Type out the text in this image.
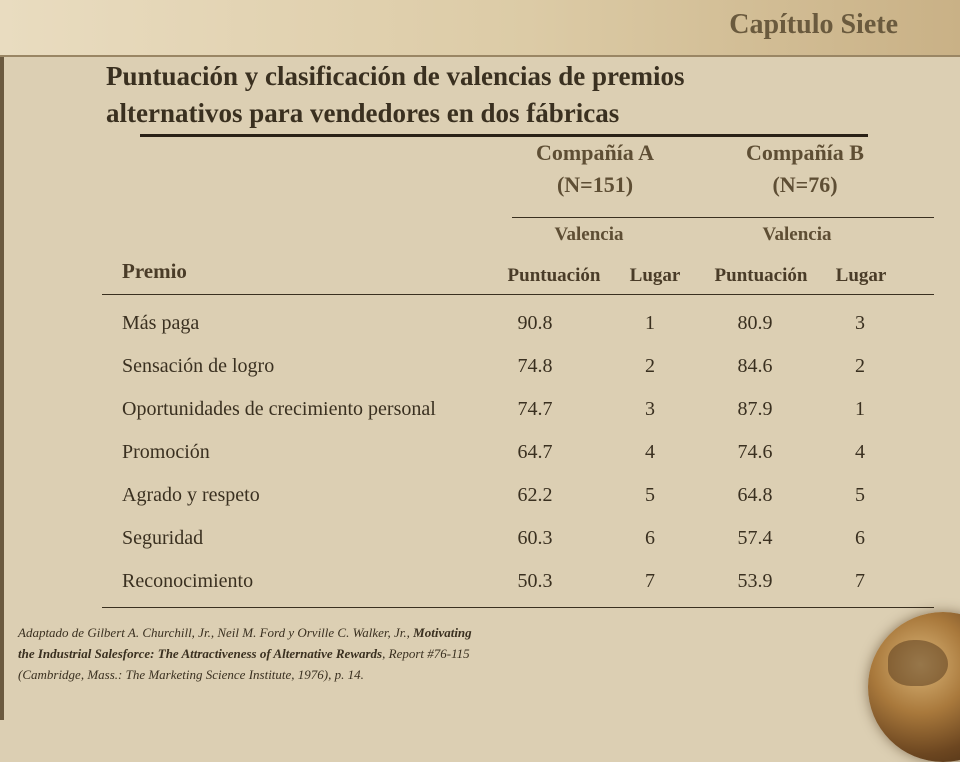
Capítulo Siete
Puntuación y clasificación de valencias de premios
alternativos para vendedores en dos fábricas
Compañía A
(N=151)
Compañía B
(N=76)
Valencia	Valencia
Premio	Puntuación	Lugar	Puntuación	Lugar
Más paga	90.8	1	80.9	3
Sensación de logro	74.8	2	84.6	2
Oportunidades de crecimiento personal	74.7	3	87.9	1
Promoción	64.7	4	74.6	4
Agrado y respeto	62.2	5	64.8	5
Seguridad	60.3	6	57.4	6
Reconocimiento	50.3	7	53.9	7
Adaptado de Gilbert A. Churchill, Jr., Neil M. Ford y Orville C. Walker, Jr., Motivating the Industrial Salesforce: The Attractiveness of Alternative Rewards, Report #76-115 (Cambridge, Mass.: The Marketing Science Institute, 1976), p. 14.
